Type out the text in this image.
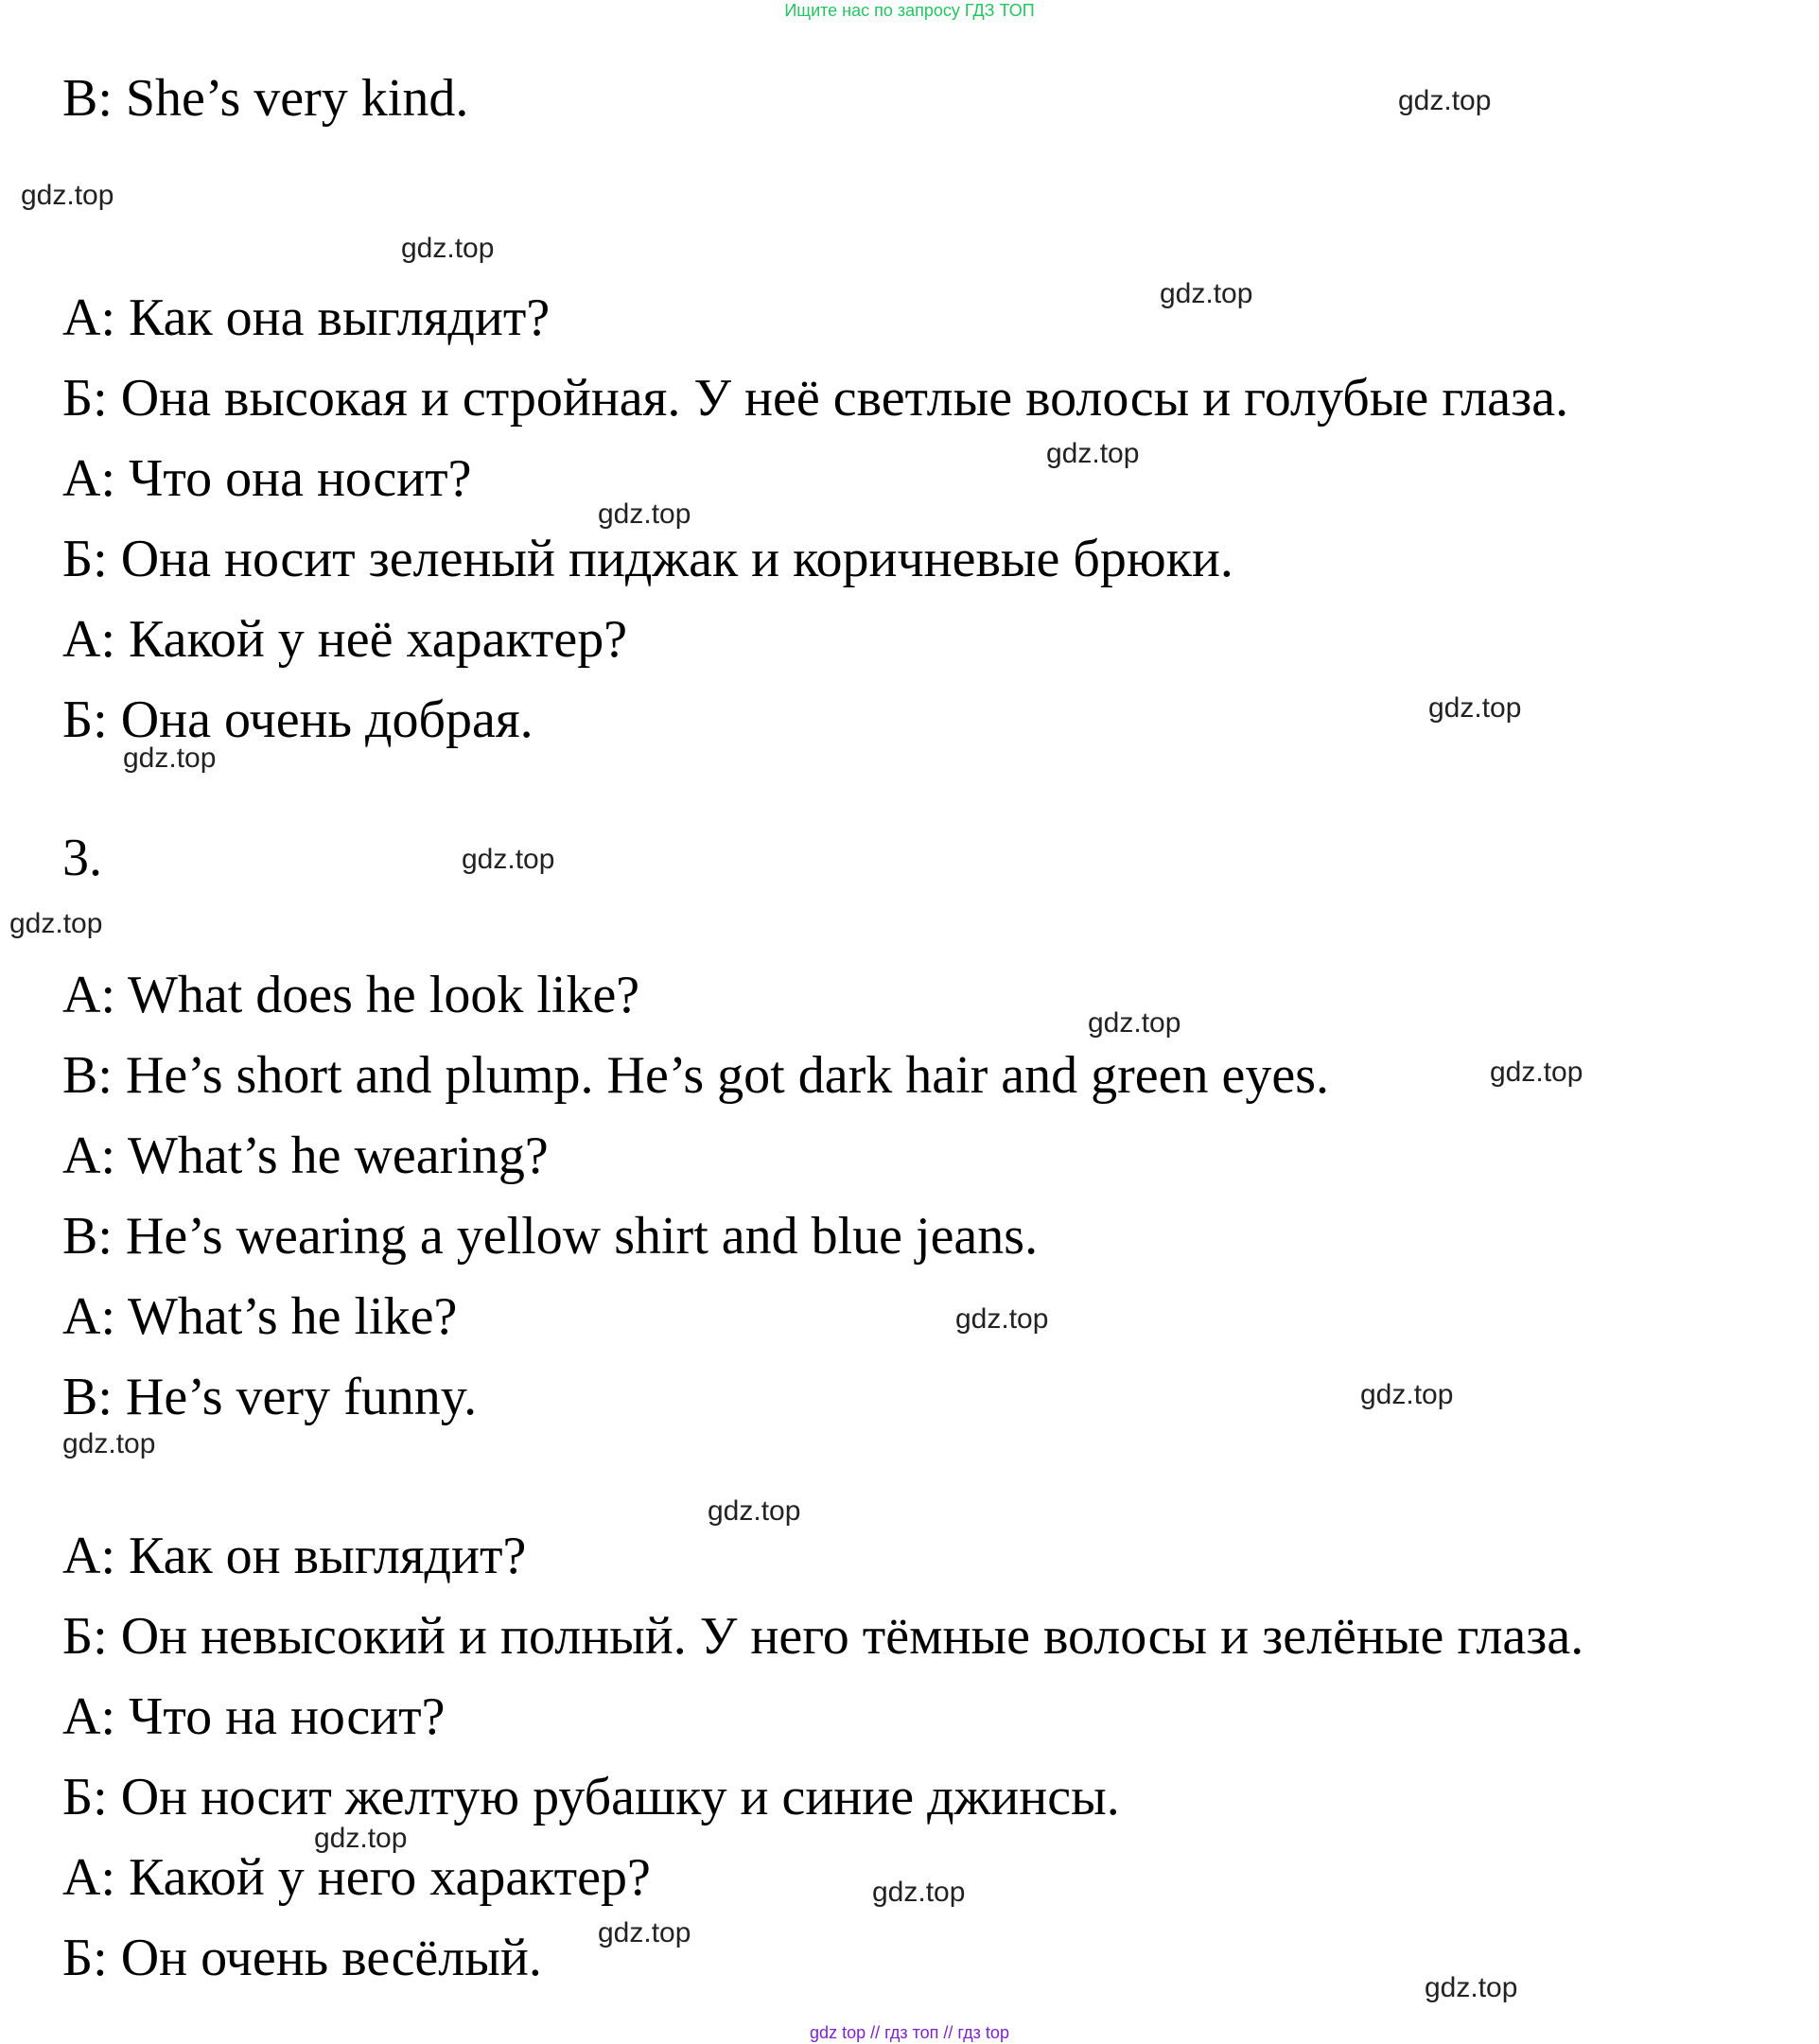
Ищите нас по запросу ГДЗ ТОП
B: She’s very kind.
А: Как она выглядит?
Б: Она высокая и стройная. У неё светлые волосы и голубые глаза.
А: Что она носит?
Б: Она носит зеленый пиджак и коричневые брюки.
А: Какой у неё характер?
Б: Она очень добрая.
3.
A: What does he look like?
B: He’s short and plump. He’s got dark hair and green eyes.
A: What’s he wearing?
B: He’s wearing a yellow shirt and blue jeans.
A: What’s he like?
B: He’s very funny.
А: Как он выглядит?
Б: Он невысокий и полный. У него тёмные волосы и зелёные глаза.
А: Что на носит?
Б: Он носит желтую рубашку и синие джинсы.
А: Какой у него характер?
Б: Он очень весёлый.
gdz.top
gdz.top
gdz.top
gdz.top
gdz.top
gdz.top
gdz.top
gdz.top
gdz.top
gdz.top
gdz.top
gdz.top
gdz.top
gdz.top
gdz.top
gdz.top
gdz.top
gdz.top
gdz.top
gdz.top
gdz top // гдз топ // гдз top
